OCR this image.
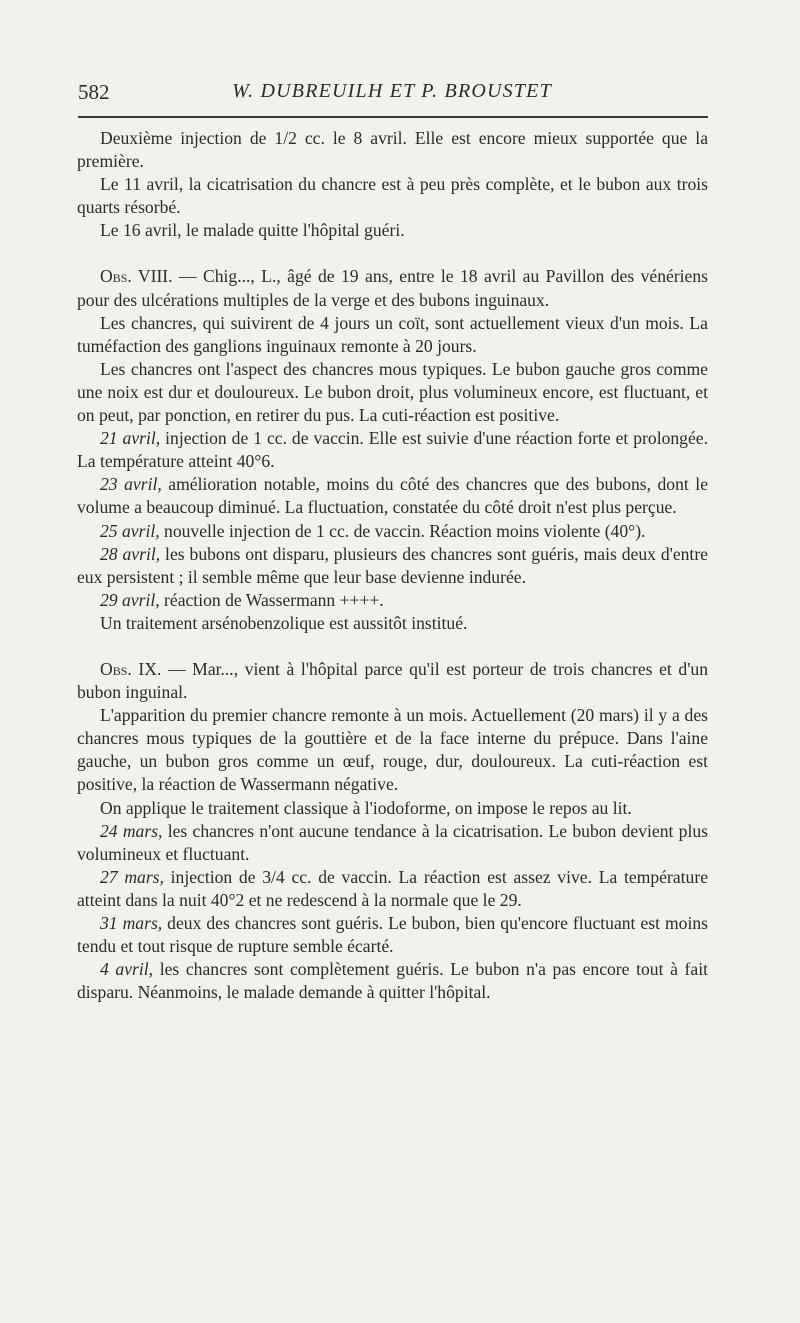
582	W. DUBREUILH ET P. BROUSTET

Deuxième injection de 1/2 cc. le 8 avril. Elle est encore mieux supportée que la première.

Le 11 avril, la cicatrisation du chancre est à peu près complète, et le bubon aux trois quarts résorbé.

Le 16 avril, le malade quitte l'hôpital guéri.

Obs. VIII. — Chig..., L., âgé de 19 ans, entre le 18 avril au Pavillon des vénériens pour des ulcérations multiples de la verge et des bubons inguinaux.

Les chancres, qui suivirent de 4 jours un coït, sont actuellement vieux d'un mois. La tuméfaction des ganglions inguinaux remonte à 20 jours.

Les chancres ont l'aspect des chancres mous typiques. Le bubon gauche gros comme une noix est dur et douloureux. Le bubon droit, plus volumineux encore, est fluctuant, et on peut, par ponction, en retirer du pus. La cuti-réaction est positive.

21 avril, injection de 1 cc. de vaccin. Elle est suivie d'une réaction forte et prolongée. La température atteint 40°6.

23 avril, amélioration notable, moins du côté des chancres que des bubons, dont le volume a beaucoup diminué. La fluctuation, constatée du côté droit n'est plus perçue.

25 avril, nouvelle injection de 1 cc. de vaccin. Réaction moins violente (40°).

28 avril, les bubons ont disparu, plusieurs des chancres sont guéris, mais deux d'entre eux persistent ; il semble même que leur base devienne indurée.

29 avril, réaction de Wassermann ++++.

Un traitement arsénobenzolique est aussitôt institué.

Obs. IX. — Mar..., vient à l'hôpital parce qu'il est porteur de trois chancres et d'un bubon inguinal.

L'apparition du premier chancre remonte à un mois. Actuellement (20 mars) il y a des chancres mous typiques de la gouttière et de la face interne du prépuce. Dans l'aine gauche, un bubon gros comme un œuf, rouge, dur, douloureux. La cuti-réaction est positive, la réaction de Wassermann négative.

On applique le traitement classique à l'iodoforme, on impose le repos au lit.

24 mars, les chancres n'ont aucune tendance à la cicatrisation. Le bubon devient plus volumineux et fluctuant.

27 mars, injection de 3/4 cc. de vaccin. La réaction est assez vive. La température atteint dans la nuit 40°2 et ne redescend à la normale que le 29.

31 mars, deux des chancres sont guéris. Le bubon, bien qu'encore fluctuant est moins tendu et tout risque de rupture semble écarté.

4 avril, les chancres sont complètement guéris. Le bubon n'a pas encore tout à fait disparu. Néanmoins, le malade demande à quitter l'hôpital.
